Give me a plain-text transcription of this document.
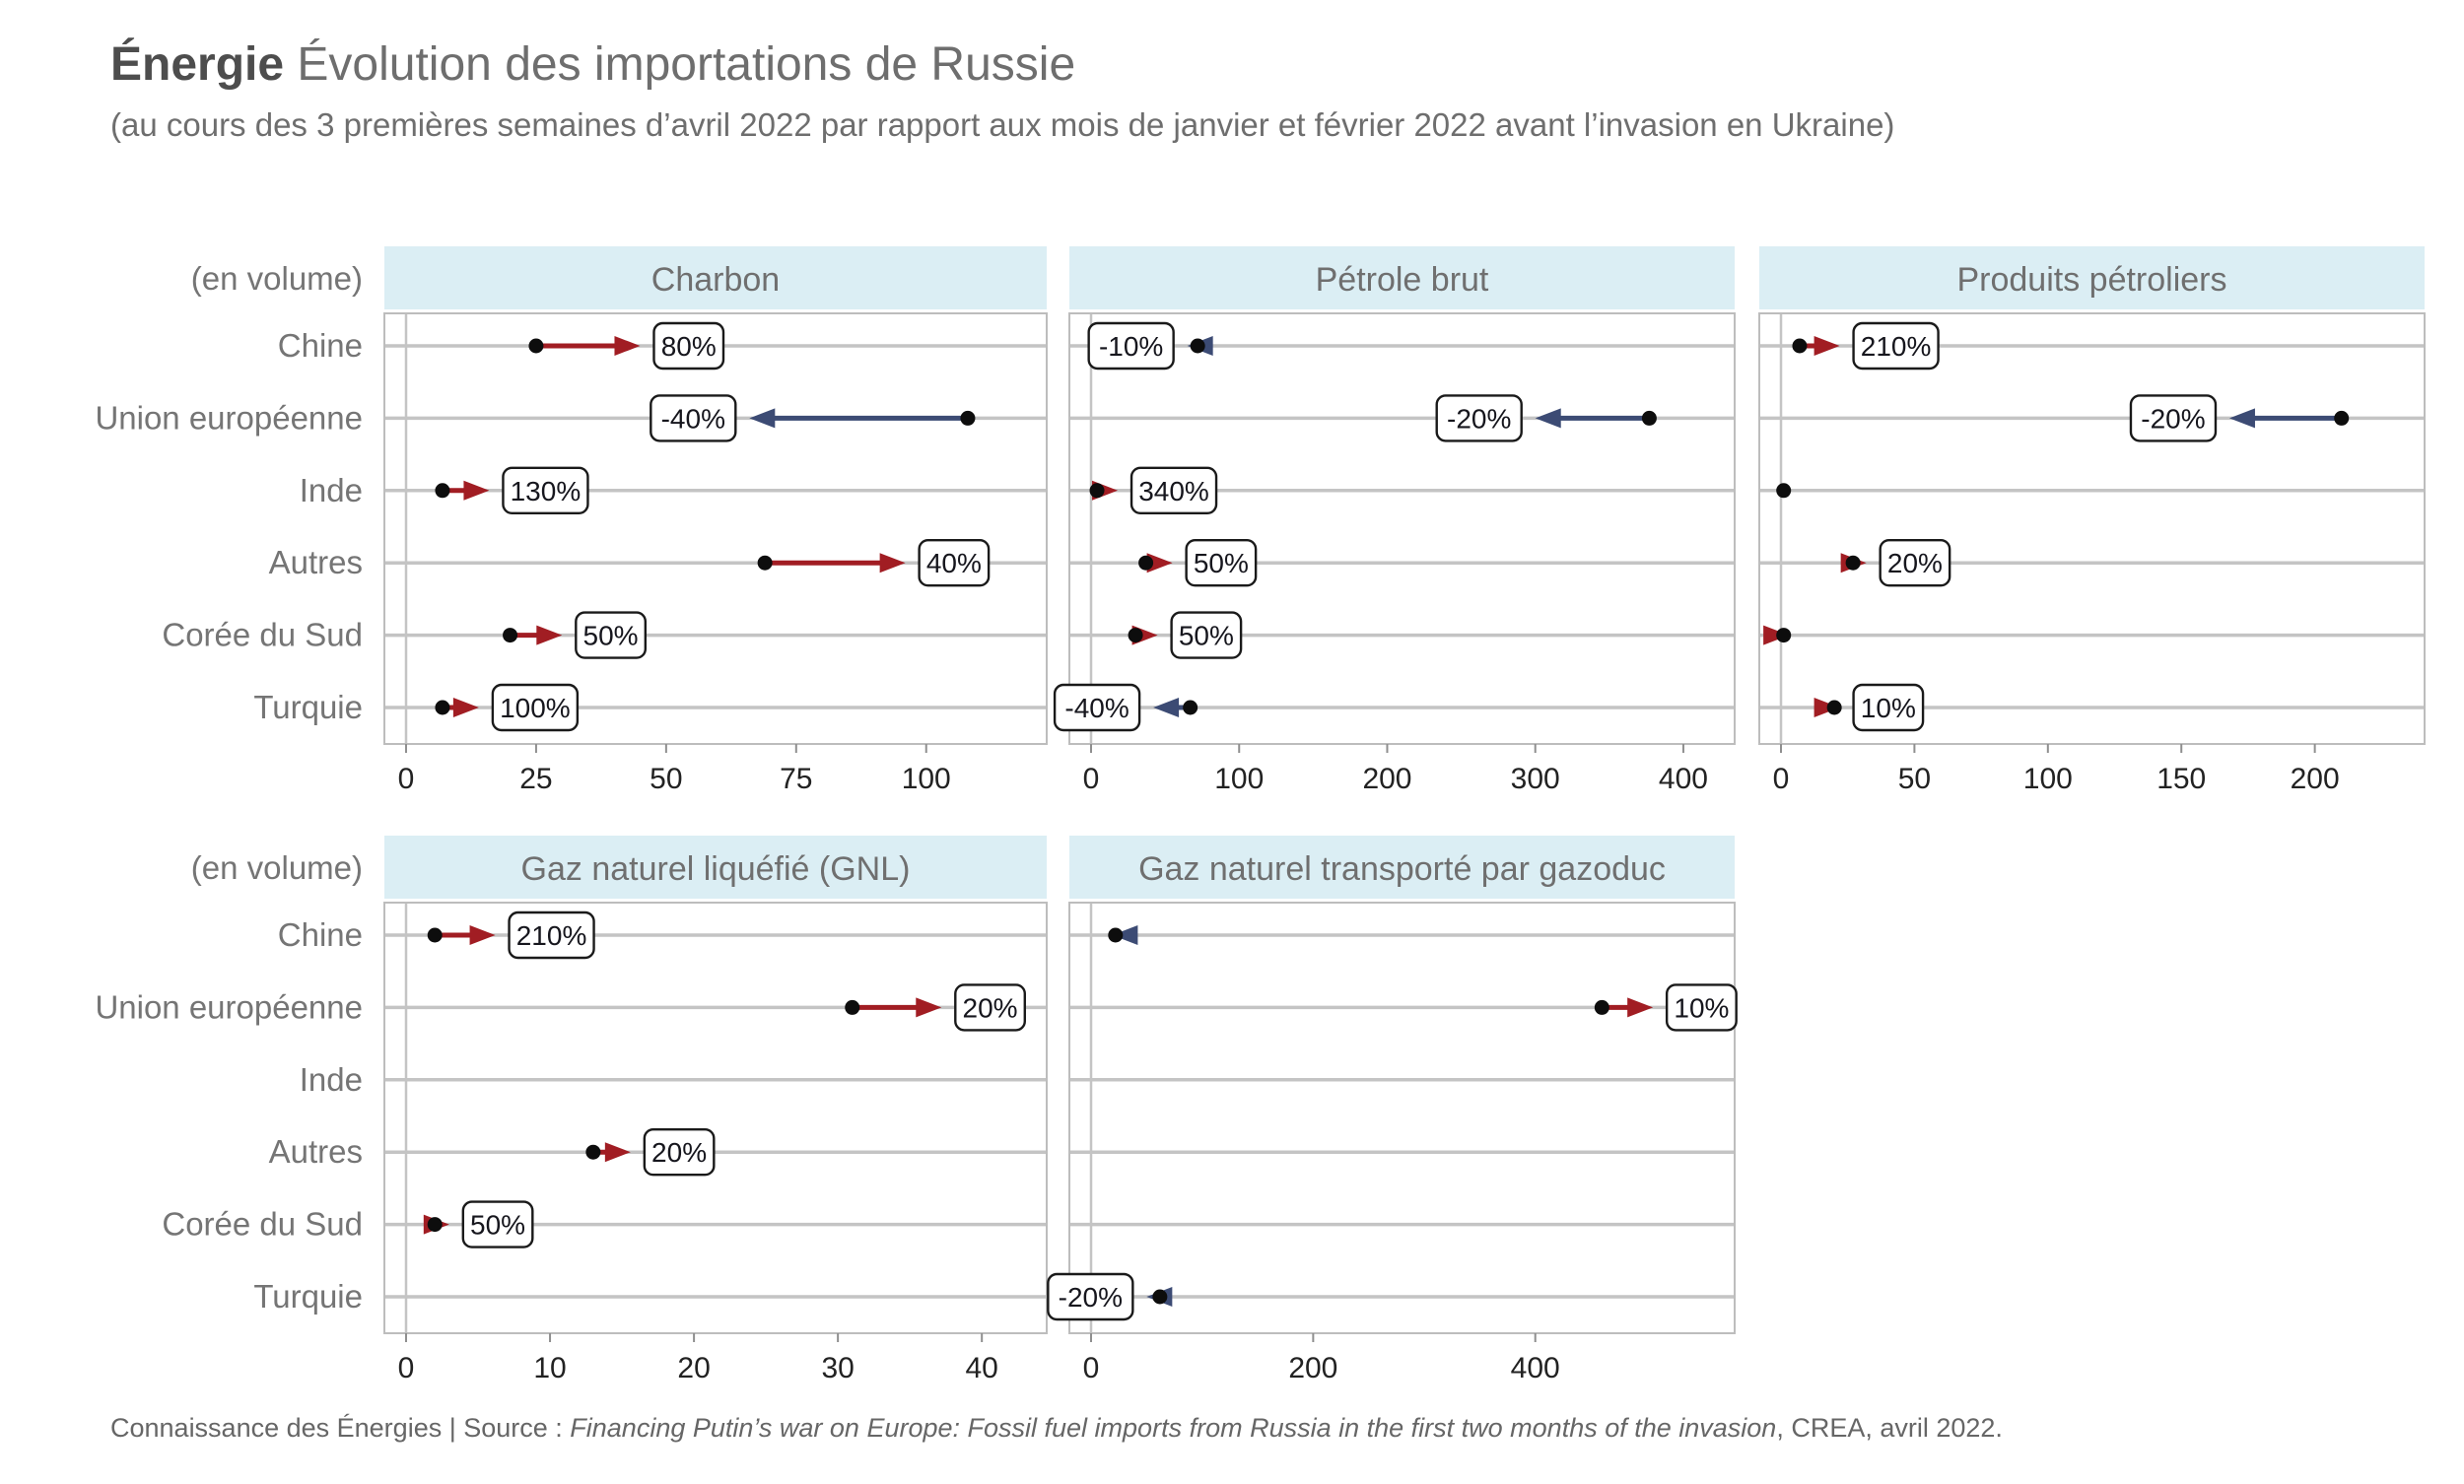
Énergie Évolution des importations de Russie
(au cours des 3 premières semaines d’avril 2022 par rapport aux mois de janvier et février 2022 avant l’invasion en Ukraine)
(en volume)
Chine
Union européenne
Inde
Autres
Corée du Sud
Turquie
(en volume)
Chine
Union européenne
Inde
Autres
Corée du Sud
Turquie
Charbon
0	25	50	75	100
80%
-40%
130%
40%
50%
100%
Pétrole brut
0	100	200	300	400
-10%
-20%
340%
50%
50%
-40%
Produits pétroliers
0	50	100	150	200
210%
-20%
20%
10%
Gaz naturel liquéfié (GNL)
0	10	20	30	40
210%
20%
20%
50%
Gaz naturel transporté par gazoduc
0	200	400
10%
-20%
Connaissance des Énergies | Source : Financing Putin’s war on Europe: Fossil fuel imports from Russia in the first two months of the invasion, CREA, avril 2022.
